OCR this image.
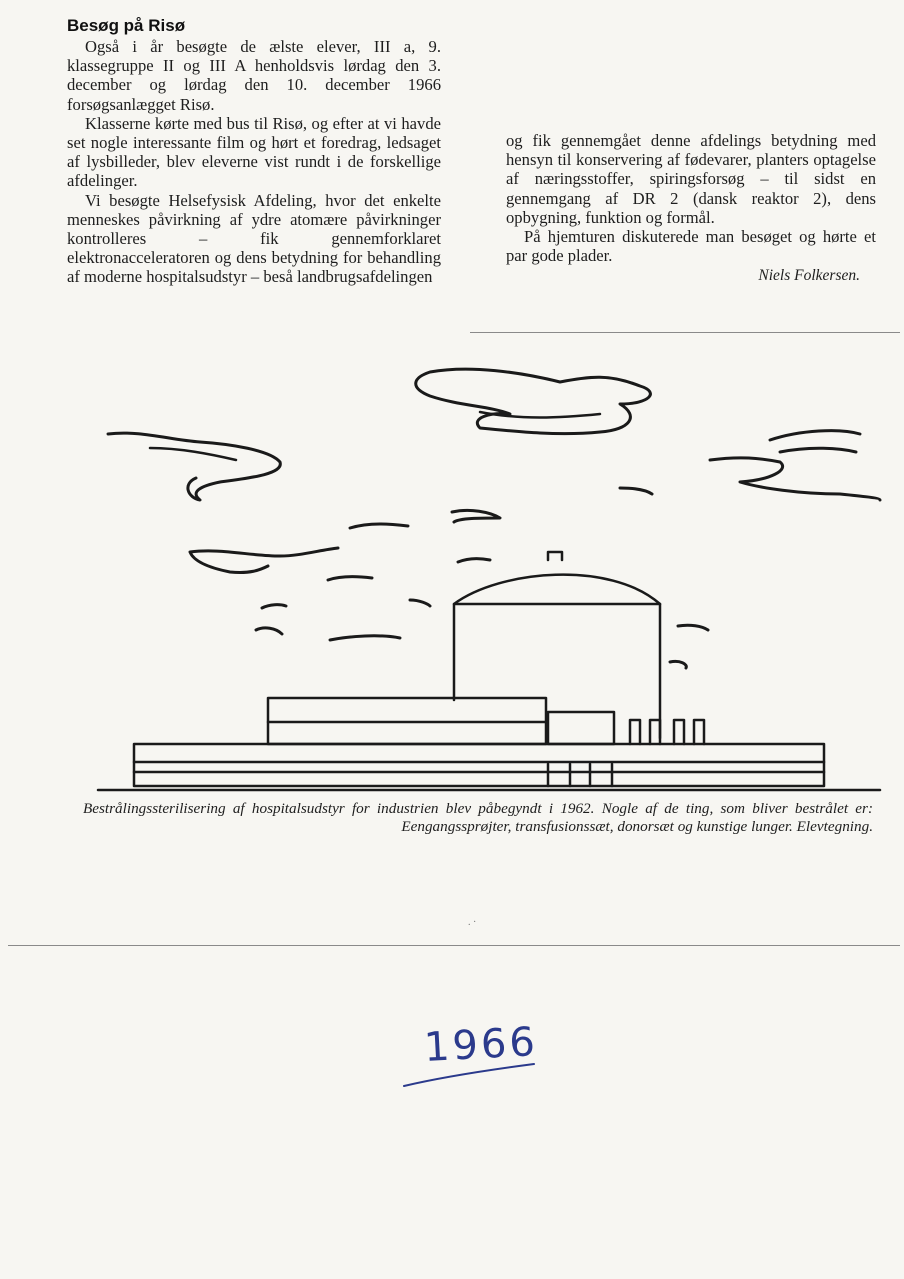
Besøg på Risø

Også i år besøgte de ælste elever, III a, 9. klassegruppe II og III A henholdsvis lørdag den 3. december og lørdag den 10. december 1966 forsøgsanlægget Risø.

Klasserne kørte med bus til Risø, og efter at vi havde set nogle interessante film og hørt et foredrag, ledsaget af lysbilleder, blev eleverne vist rundt i de forskellige afdelinger.

Vi besøgte Helsefysisk Afdeling, hvor det enkelte menneskes påvirkning af ydre atomære påvirkninger kontrolleres – fik gennemforklaret elektronacceleratoren og dens betydning for behandling af moderne hospitalsudstyr – beså landbrugsafdelingen

og fik gennemgået denne afdelings betydning med hensyn til konservering af fødevarer, planters optagelse af næringsstoffer, spiringsforsøg – til sidst en gennemgang af DR 2 (dansk reaktor 2), dens opbygning, funktion og formål.

På hjemturen diskuterede man besøget og hørte et par gode plader.

Niels Folkersen.
Bestrålingssterilisering af hospitalsudstyr for industrien blev påbegyndt i 1962. Nogle af de ting, som bliver bestrålet er: Eengangssprøjter, transfusionssæt, donorsæt og kunstige lunger. Elevtegning.
. ·
1966
